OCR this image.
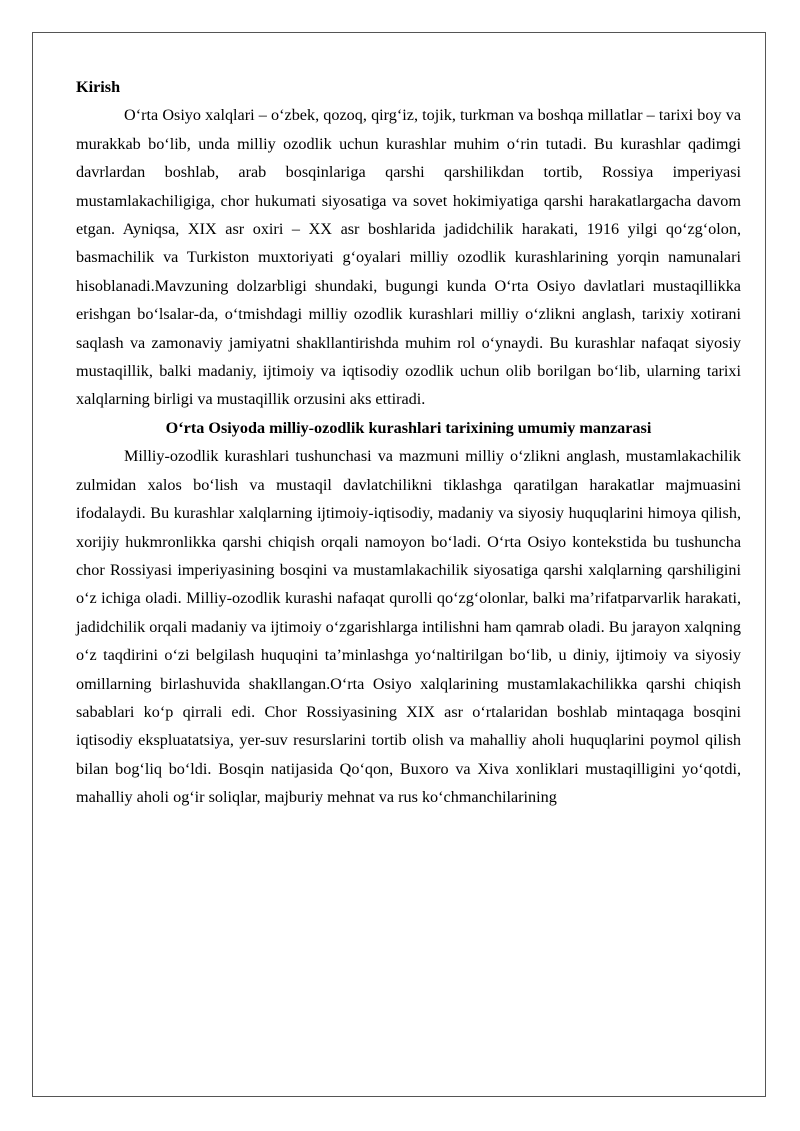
Kirish

O‘rta Osiyo xalqlari – o‘zbek, qozoq, qirg‘iz, tojik, turkman va boshqa millatlar – tarixi boy va murakkab bo‘lib, unda milliy ozodlik uchun kurashlar muhim o‘rin tutadi. Bu kurashlar qadimgi davrlardan boshlab, arab bosqinlariga qarshi qarshilikdan tortib, Rossiya imperiyasi mustamlakachiligiga, chor hukumati siyosatiga va sovet hokimiyatiga qarshi harakatlargacha davom etgan. Ayniqsa, XIX asr oxiri – XX asr boshlarida jadidchilik harakati, 1916 yilgi qo‘zg‘olon, basmachilik va Turkiston muxtoriyati g‘oyalari milliy ozodlik kurashlarining yorqin namunalari hisoblanadi.Mavzuning dolzarbligi shundaki, bugungi kunda O‘rta Osiyo davlatlari mustaqillikka erishgan bo‘lsalar-da, o‘tmishdagi milliy ozodlik kurashlari milliy o‘zlikni anglash, tarixiy xotirani saqlash va zamonaviy jamiyatni shakllantirishda muhim rol o‘ynaydi. Bu kurashlar nafaqat siyosiy mustaqillik, balki madaniy, ijtimoiy va iqtisodiy ozodlik uchun olib borilgan bo‘lib, ularning tarixi xalqlarning birligi va mustaqillik orzusini aks ettiradi.

O‘rta Osiyoda milliy-ozodlik kurashlari tarixining umumiy manzarasi

Milliy-ozodlik kurashlari tushunchasi va mazmuni milliy o‘zlikni anglash, mustamlakachilik zulmidan xalos bo‘lish va mustaqil davlatchilikni tiklashga qaratilgan harakatlar majmuasini ifodalaydi. Bu kurashlar xalqlarning ijtimoiy-iqtisodiy, madaniy va siyosiy huquqlarini himoya qilish, xorijiy hukmronlikka qarshi chiqish orqali namoyon bo‘ladi. O‘rta Osiyo kontekstida bu tushuncha chor Rossiyasi imperiyasining bosqini va mustamlakachilik siyosatiga qarshi xalqlarning qarshiligini o‘z ichiga oladi. Milliy-ozodlik kurashi nafaqat qurolli qo‘zg‘olonlar, balki ma’rifatparvarlik harakati, jadidchilik orqali madaniy va ijtimoiy o‘zgarishlarga intilishni ham qamrab oladi. Bu jarayon xalqning o‘z taqdirini o‘zi belgilash huquqini ta’minlashga yo‘naltirilgan bo‘lib, u diniy, ijtimoiy va siyosiy omillarning birlashuvida shakllangan.O‘rta Osiyo xalqlarining mustamlakachilikka qarshi chiqish sabablari ko‘p qirrali edi. Chor Rossiyasining XIX asr o‘rtalaridan boshlab mintaqaga bosqini iqtisodiy ekspluatatsiya, yer-suv resurslarini tortib olish va mahalliy aholi huquqlarini poymol qilish bilan bog‘liq bo‘ldi. Bosqin natijasida Qo‘qon, Buxoro va Xiva xonliklari mustaqilligini yo‘qotdi, mahalliy aholi og‘ir soliqlar, majburiy mehnat va rus ko‘chmanchilarining
